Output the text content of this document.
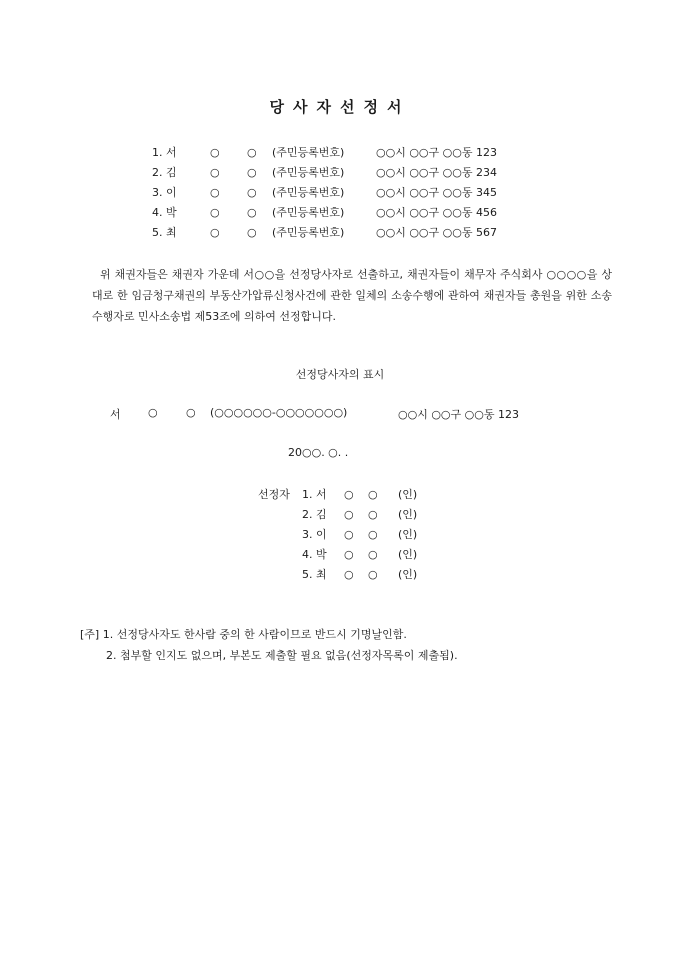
당사자선정서
1. 서	○ ○ (주민등록번호)	○○시 ○○구 ○○동 123
2. 김	○ ○ (주민등록번호)	○○시 ○○구 ○○동 234
3. 이	○ ○ (주민등록번호)	○○시 ○○구 ○○동 345
4. 박	○ ○ (주민등록번호)	○○시 ○○구 ○○동 456
5. 최	○ ○ (주민등록번호)	○○시 ○○구 ○○동 567
위 채권자들은 채권자 가운데 서○○을 선정당사자로 선출하고, 채권자들이 채무자 주식회사 ○○○○을 상대로 한 임금청구채권의 부동산가압류신청사건에 관한 일체의 소송수행에 관하여 채권자들 총원을 위한 소송수행자로 민사소송법 제53조에 의하여 선정합니다.
선정당사자의 표시
서 ○	○ (○○○○○○-○○○○○○○)	○○시 ○○구 ○○동 123
20○○. ○. .
선정자 1. 서 ○ ○ (인)
2. 김 ○ ○ (인)
3. 이 ○ ○ (인)
4. 박 ○ ○ (인)
5. 최 ○ ○ (인)
[주] 1. 선정당사자도 한사람 중의 한 사람이므로 반드시 기명날인함.
2. 첨부할 인지도 없으며, 부본도 제출할 필요 없음(선정자목록이 제출됨).
